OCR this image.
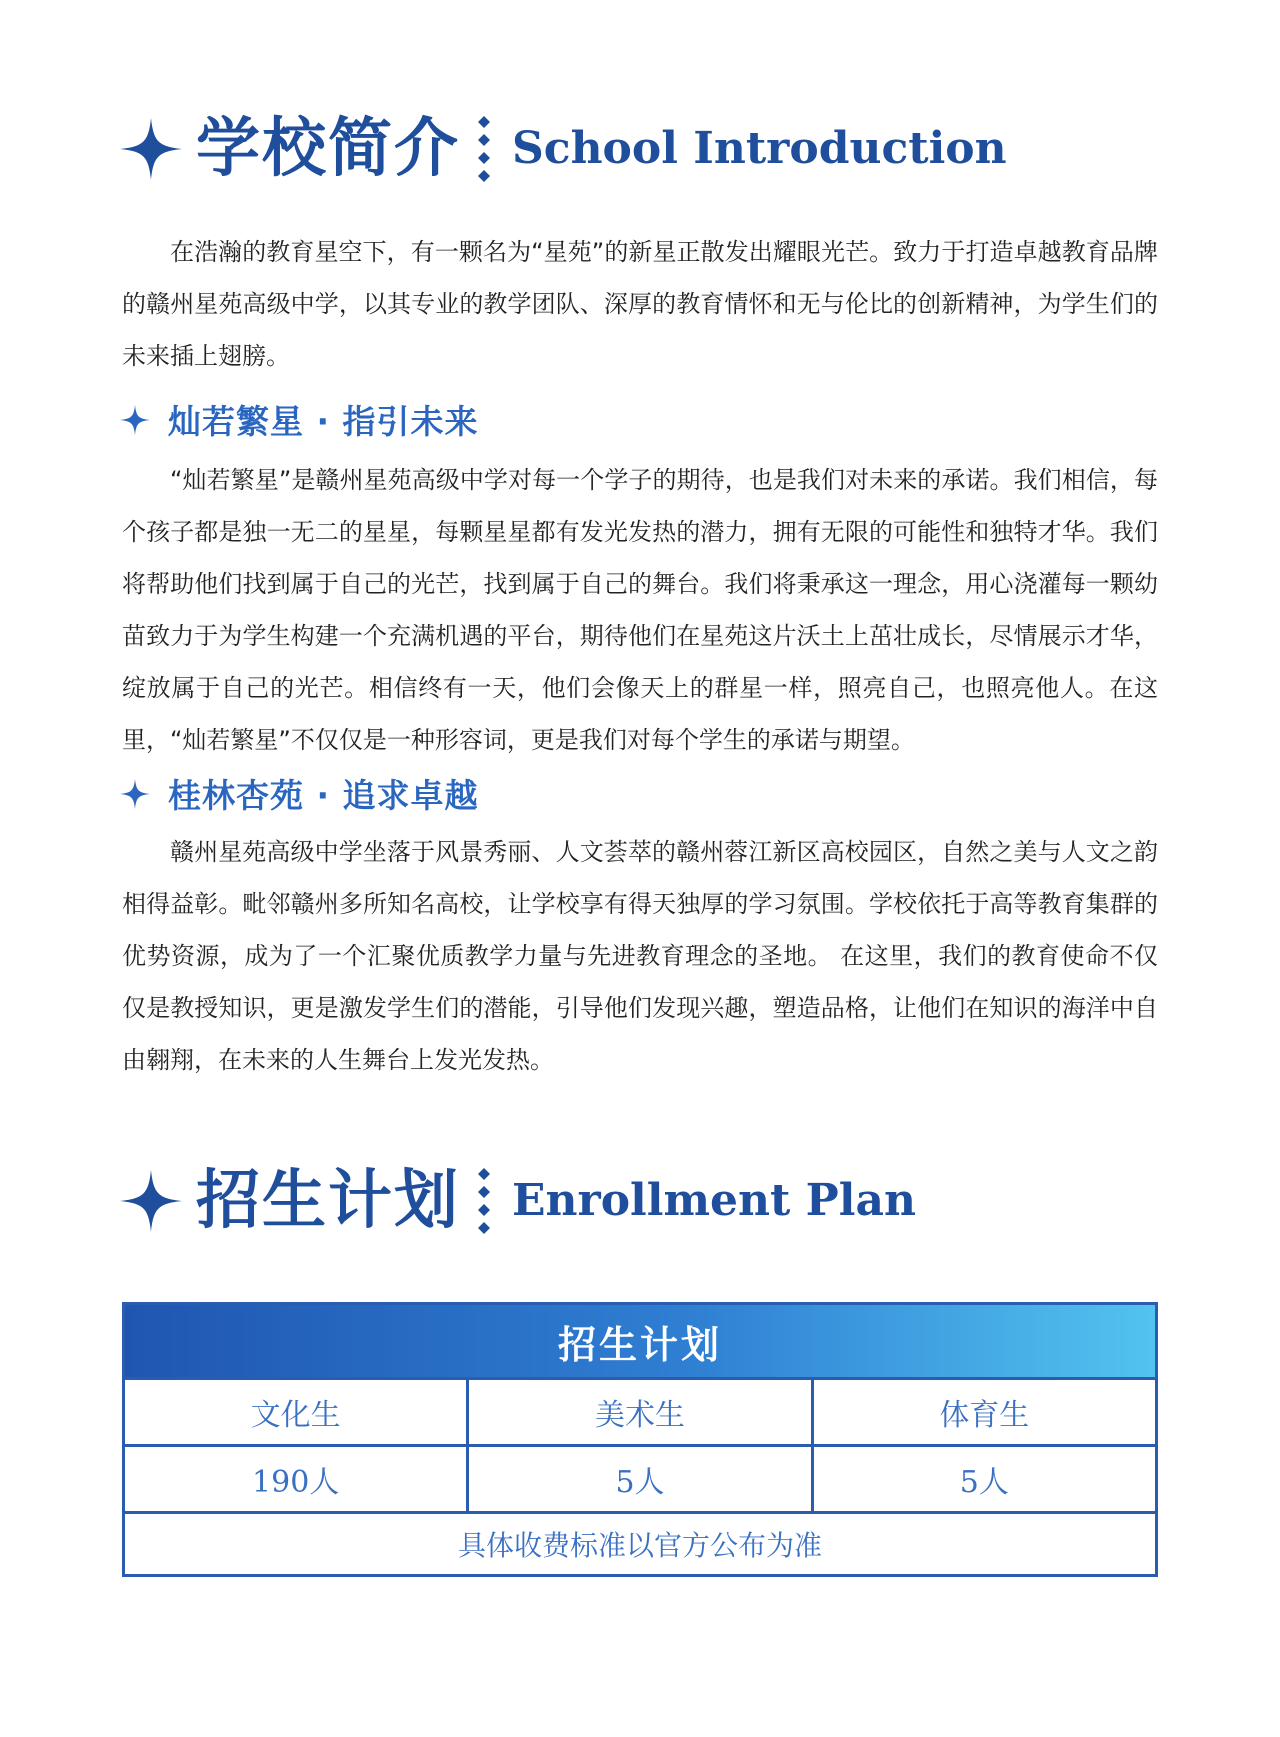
学校简介 School Introduction

在浩瀚的教育星空下，有一颗名为“星苑”的新星正散发出耀眼光芒。致力于打造卓越教育品牌的赣州星苑高级中学，以其专业的教学团队、深厚的教育情怀和无与伦比的创新精神，为学生们的未来插上翅膀。

灿若繁星 · 指引未来

“灿若繁星”是赣州星苑高级中学对每一个学子的期待，也是我们对未来的承诺。我们相信，每个孩子都是独一无二的星星，每颗星星都有发光发热的潜力，拥有无限的可能性和独特才华。我们将帮助他们找到属于自己的光芒，找到属于自己的舞台。我们将秉承这一理念，用心浇灌每一颗幼苗致力于为学生构建一个充满机遇的平台，期待他们在星苑这片沃土上茁壮成长，尽情展示才华，绽放属于自己的光芒。相信终有一天，他们会像天上的群星一样，照亮自己，也照亮他人。在这里，“灿若繁星”不仅仅是一种形容词，更是我们对每个学生的承诺与期望。

桂林杏苑 · 追求卓越

赣州星苑高级中学坐落于风景秀丽、人文荟萃的赣州蓉江新区高校园区，自然之美与人文之韵相得益彰。毗邻赣州多所知名高校，让学校享有得天独厚的学习氛围。学校依托于高等教育集群的优势资源，成为了一个汇聚优质教学力量与先进教育理念的圣地。 在这里，我们的教育使命不仅仅是教授知识，更是激发学生们的潜能，引导他们发现兴趣，塑造品格，让他们在知识的海洋中自由翱翔，在未来的人生舞台上发光发热。

招生计划 Enrollment Plan
招生计划
文化生	美术生	体育生
190人	5人	5人
具体收费标准以官方公布为准
